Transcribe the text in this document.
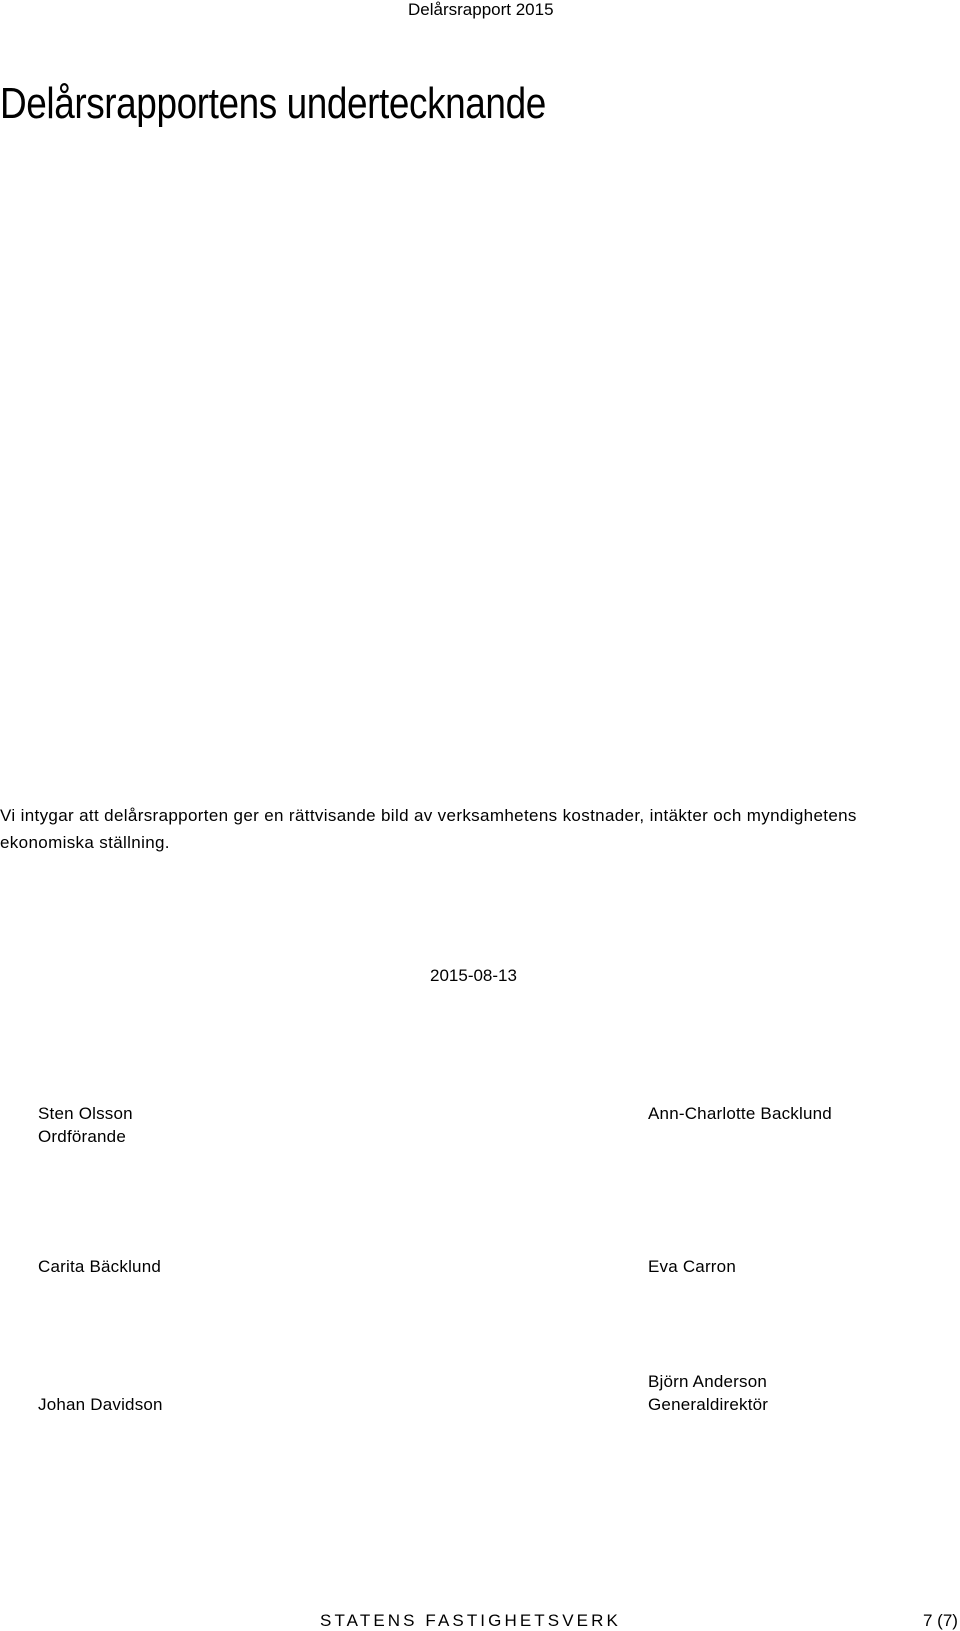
Delårsrapport 2015
Delårsrapportens undertecknande

Vi intygar att delårsrapporten ger en rättvisande bild av verksamhetens kostnader, intäkter och myndighetens ekonomiska ställning.

2015-08-13
Sten Olsson
Ordförande
Ann-Charlotte Backlund
Carita Bäcklund	Eva Carron
Johan Davidson
Björn Anderson
Generaldirektör
STATENS FASTIGHETSVERK	7 (7)
